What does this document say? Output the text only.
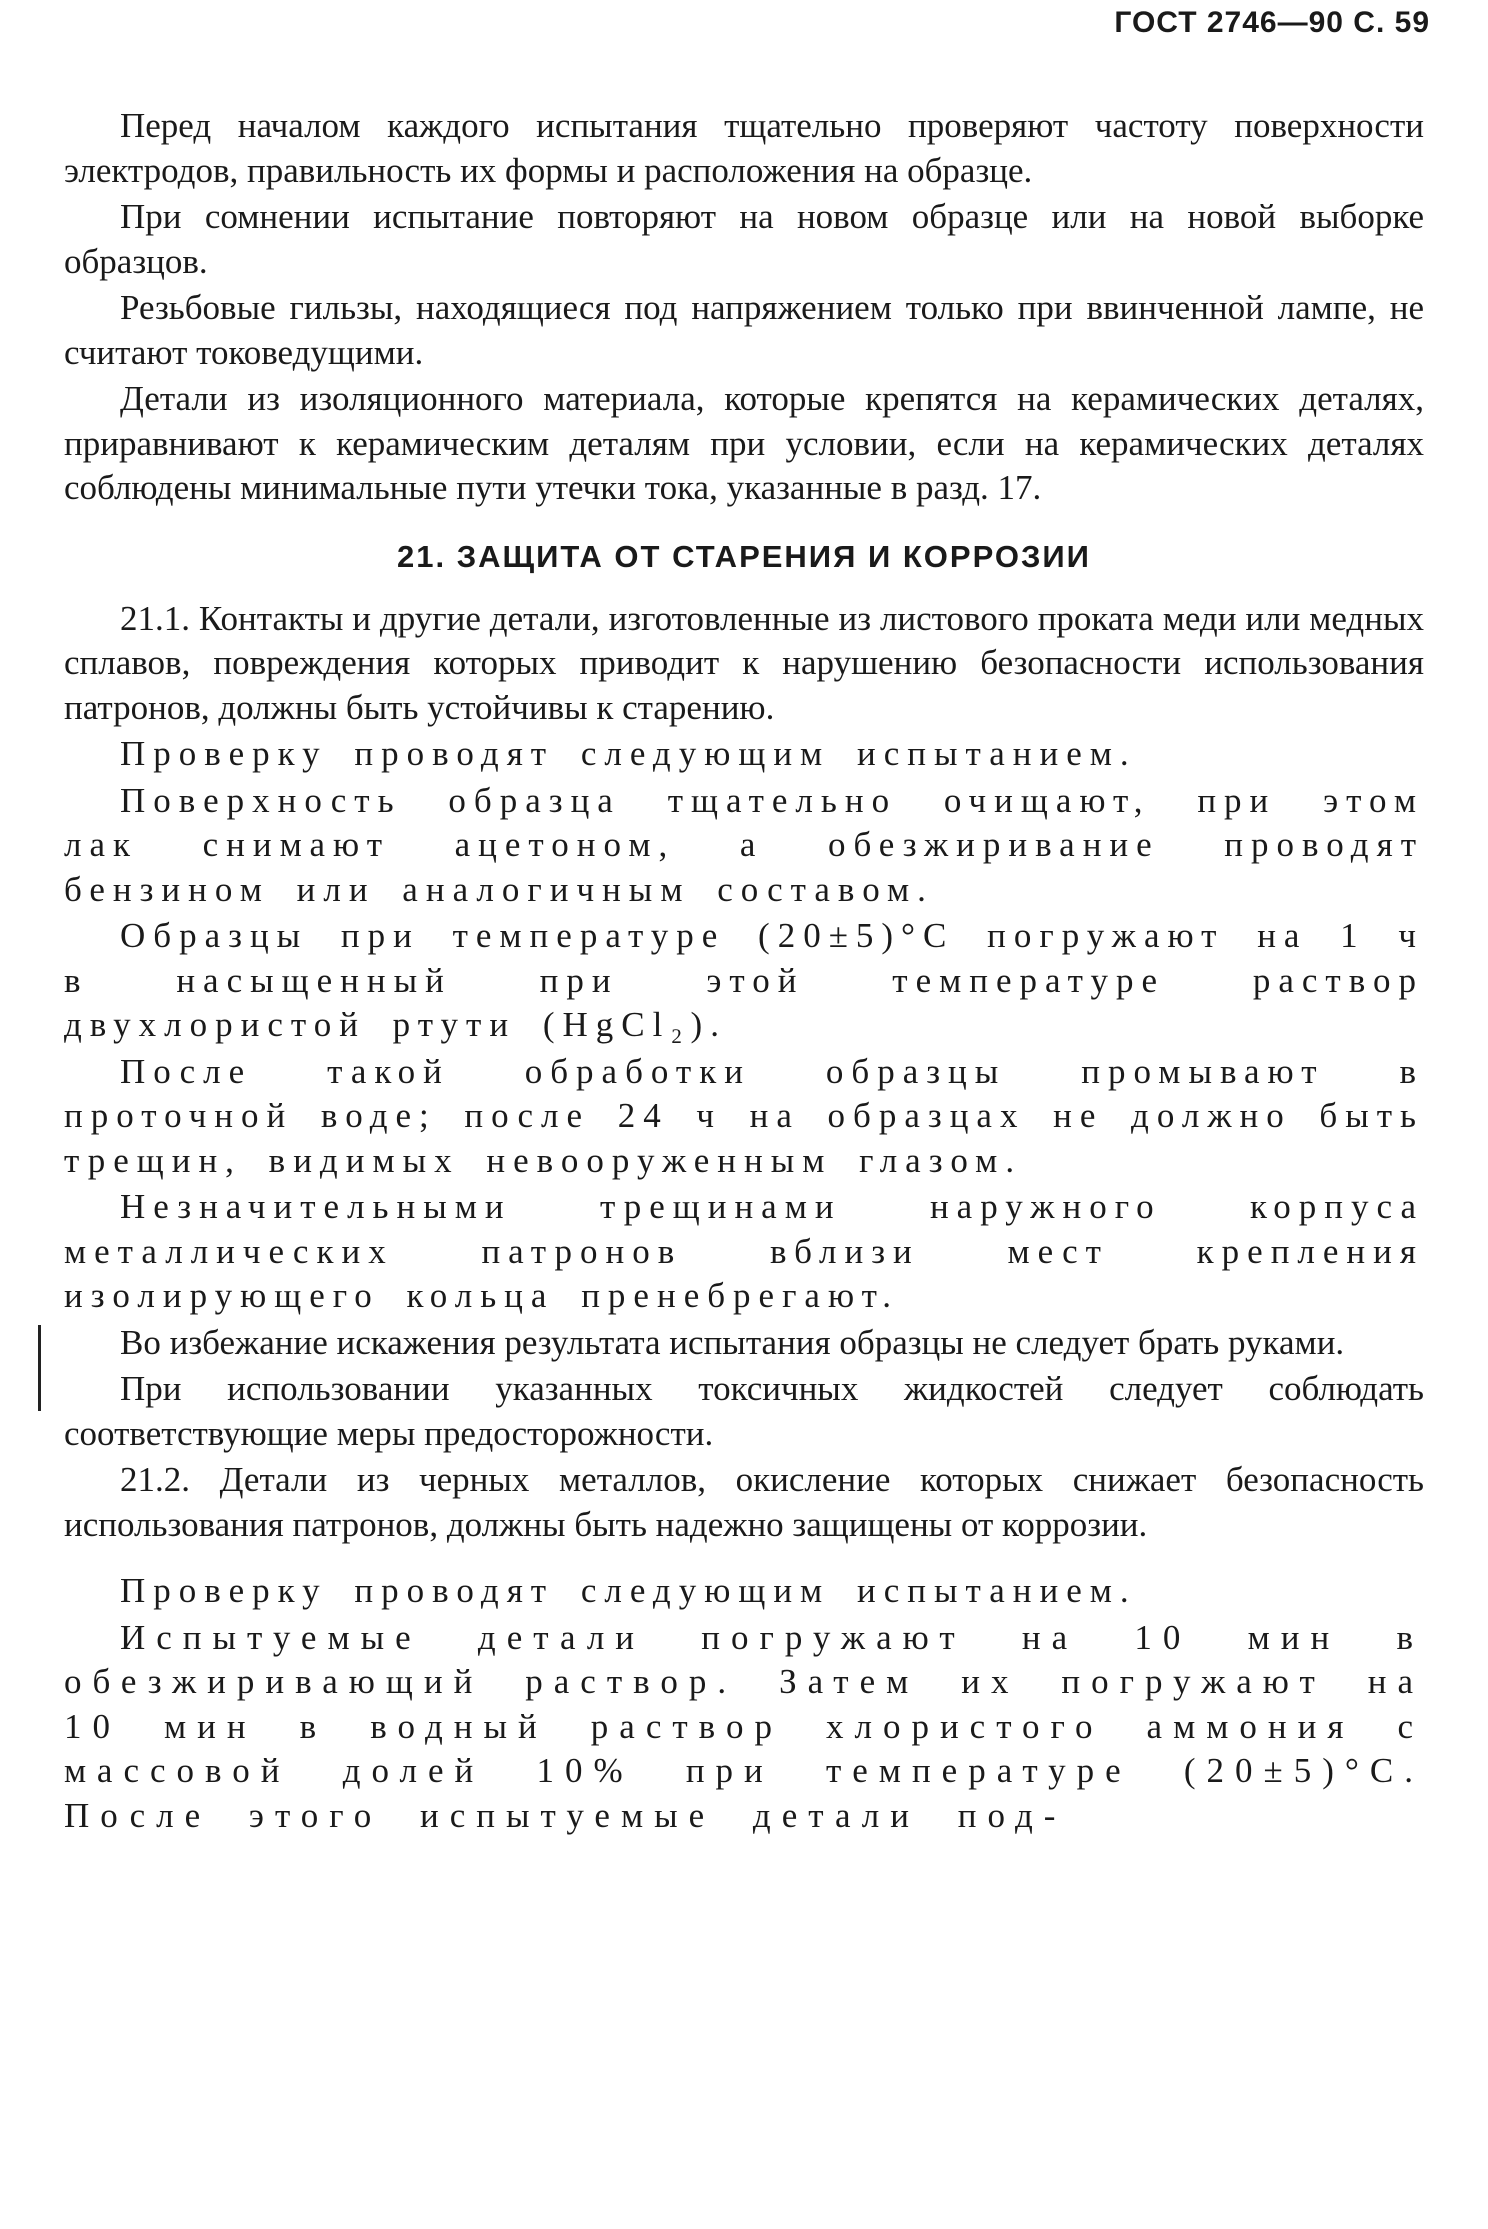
ГОСТ 2746—90 С. 59

Перед началом каждого испытания тщательно проверяют частоту поверхности электродов, правильность их формы и расположения на образце.

При сомнении испытание повторяют на новом образце или на новой выборке образцов.

Резьбовые гильзы, находящиеся под напряжением только при ввинченной лампе, не считают токоведущими.

Детали из изоляционного материала, которые крепятся на керамических деталях, приравнивают к керамическим деталям при условии, если на керамических деталях соблюдены минимальные пути утечки тока, указанные в разд. 17.

21. ЗАЩИТА ОТ СТАРЕНИЯ И КОРРОЗИИ

21.1. Контакты и другие детали, изготовленные из листового проката меди или медных сплавов, повреждения которых приводит к нарушению безопасности использования патронов, должны быть устойчивы к старению.

Проверку проводят следующим испытанием.

Поверхность образца тщательно очищают, при этом лак снимают ацетоном, а обезжиривание проводят бензином или аналогичным составом.

Образцы при температуре (20±5)°C погружают на 1 ч в насыщенный при этой температуре раствор двухлористой ртути (HgCl₂).

После такой обработки образцы промывают в проточной воде; после 24 ч на образцах не должно быть трещин, видимых невооруженным глазом.

Незначительными трещинами наружного корпуса металлических патронов вблизи мест крепления изолирующего кольца пренебрегают.

Во избежание искажения результата испытания образцы не следует брать руками.

При использовании указанных токсичных жидкостей следует соблюдать соответствующие меры предосторожности.

21.2. Детали из черных металлов, окисление которых снижает безопасность использования патронов, должны быть надежно защищены от коррозии.

Проверку проводят следующим испытанием.

Испытуемые детали погружают на 10 мин в обезжиривающий раствор. Затем их погружают на 10 мин в водный раствор хлористого аммония с массовой долей 10% при температуре (20±5)°C. После этого испытуемые детали под-
